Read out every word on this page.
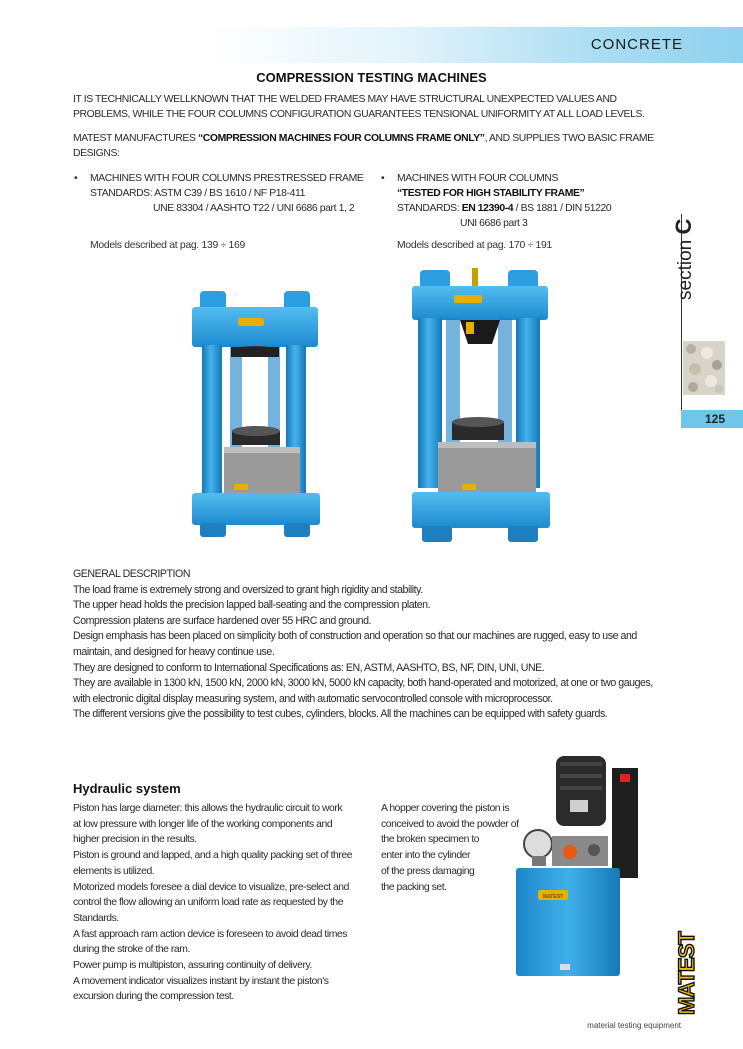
CONCRETE
COMPRESSION TESTING MACHINES
IT IS TECHNICALLY WELLKNOWN THAT THE WELDED FRAMES MAY HAVE STRUCTURAL UNEXPECTED VALUES AND
PROBLEMS, WHILE THE FOUR COLUMNS CONFIGURATION GUARANTEES TENSIONAL UNIFORMITY AT ALL LOAD LEVELS.
MATEST MANUFACTURES “COMPRESSION MACHINES FOUR COLUMNS FRAME ONLY”, AND SUPPLIES TWO BASIC FRAME
DESIGNS:
• MACHINES WITH FOUR COLUMNS PRESTRESSED FRAME
STANDARDS: ASTM C39 / BS 1610 / NF P18-411
UNE 83304 / AASHTO T22 / UNI 6686 part 1, 2
Models described at pag. 139 ÷ 169
• MACHINES WITH FOUR COLUMNS
“TESTED FOR HIGH STABILITY FRAME”
STANDARDS: EN 12390-4 / BS 1881 / DIN 51220
UNI 6686 part 3
Models described at pag. 170 ÷ 191	section C
125
GENERAL DESCRIPTION
The load frame is extremely strong and oversized to grant high rigidity and stability.
The upper head holds the precision lapped ball-seating and the compression platen.
Compression platens are surface hardened over 55 HRC and ground.
Design emphasis has been placed on simplicity both of construction and operation so that our machines are rugged, easy to use and
maintain, and designed for heavy continue use.
They are designed to conform to International Specifications as: EN, ASTM, AASHTO, BS, NF, DIN, UNI, UNE.
They are available in 1300 kN, 1500 kN, 2000 kN, 3000 kN, 5000 kN capacity, both hand-operated and motorized, at one or two gauges,
with electronic digital display measuring system, and with automatic servocontrolled console with microprocessor.
The different versions give the possibility to test cubes, cylinders, blocks. All the machines can be equipped with safety guards.
Hydraulic system
Piston has large diameter: this allows the hydraulic circuit to work
at low pressure with longer life of the working components and
higher precision in the results.
Piston is ground and lapped, and a high quality packing set of three
elements is utilized.
Motorized models foresee a dial device to visualize, pre-select and
control the flow allowing an uniform load rate as requested by the
Standards.
A fast approach ram action device is foreseen to avoid dead times
during the stroke of the ram.
Power pump is multipiston, assuring continuity of delivery.
A movement indicator visualizes instant by instant the piston's
excursion during the compression test.
A hopper covering the piston is
conceived to avoid the powder of
the broken specimen to
enter into the cylinder
of the press damaging
the packing set.
MATEST
MATEST
material testing equipment
